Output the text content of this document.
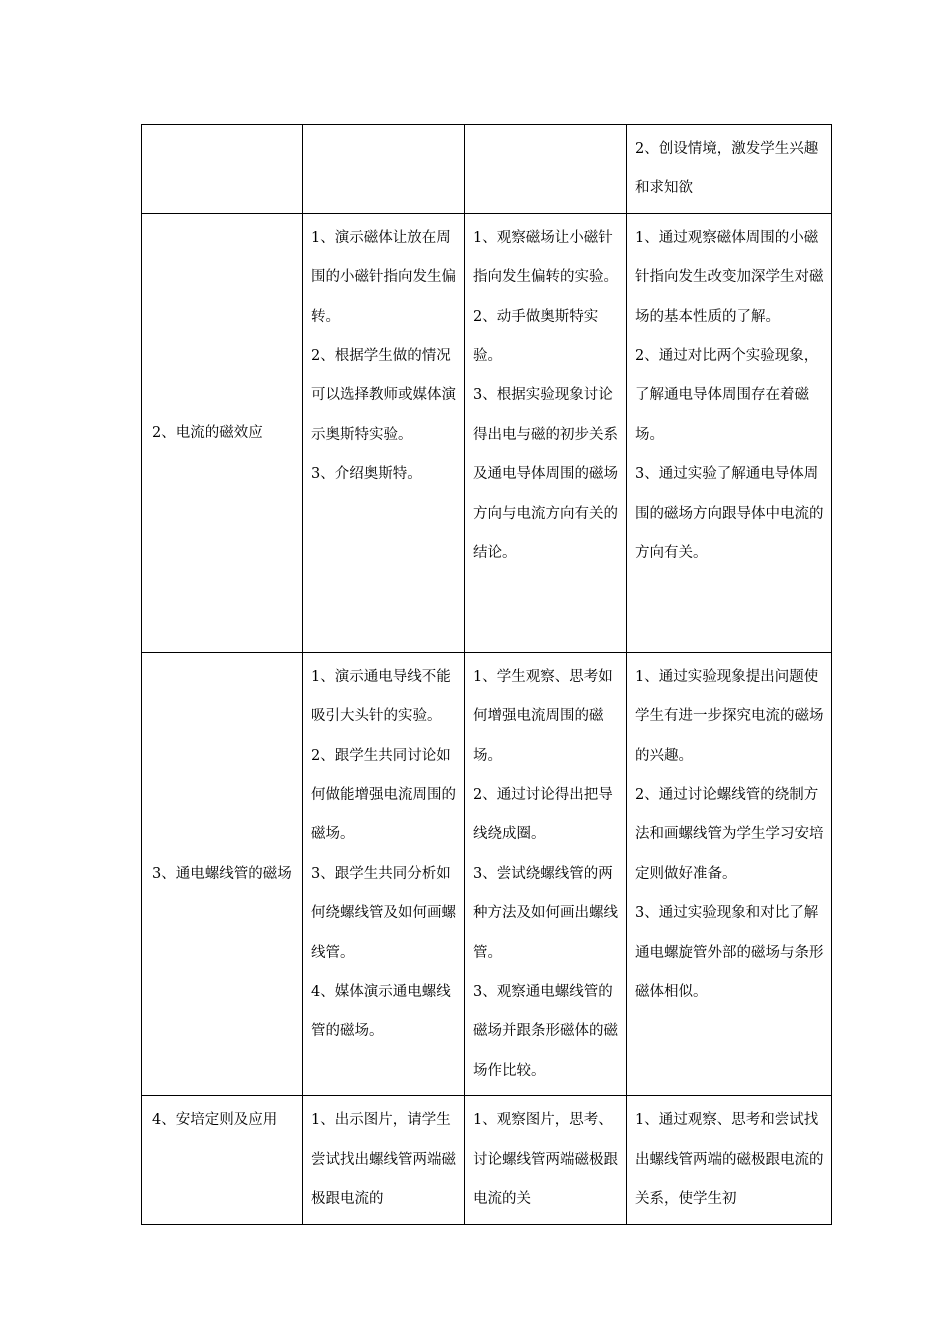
			2、创设情境，激发学生兴趣和求知欲

2、电流的磁效应	1、演示磁体让放在周围的小磁针指向发生偏转。
2、根据学生做的情况可以选择教师或媒体演示奥斯特实验。
3、介绍奥斯特。	1、观察磁场让小磁针指向发生偏转的实验。
2、动手做奥斯特实验。
3、根据实验现象讨论得出电与磁的初步关系及通电导体周围的磁场方向与电流方向有关的结论。	1、通过观察磁体周围的小磁针指向发生改变加深学生对磁场的基本性质的了解。
2、通过对比两个实验现象，了解通电导体周围存在着磁场。
3、通过实验了解通电导体周围的磁场方向跟导体中电流的方向有关。

3、通电螺线管的磁场	1、演示通电导线不能吸引大头针的实验。
2、跟学生共同讨论如何做能增强电流周围的磁场。
3、跟学生共同分析如何绕螺线管及如何画螺线管。
4、媒体演示通电螺线管的磁场。	1、学生观察、思考如何增强电流周围的磁场。
2、通过讨论得出把导线绕成圈。
3、尝试绕螺线管的两种方法及如何画出螺线管。
3、观察通电螺线管的磁场并跟条形磁体的磁场作比较。	1、通过实验现象提出问题使学生有进一步探究电流的磁场的兴趣。
2、通过讨论螺线管的绕制方法和画螺线管为学生学习安培定则做好准备。
3、通过实验现象和对比了解通电螺旋管外部的磁场与条形磁体相似。

4、安培定则及应用	1、出示图片，请学生尝试找出螺线管两端磁极跟电流的	1、观察图片，思考、讨论螺线管两端磁极跟电流的关	1、通过观察、思考和尝试找出螺线管两端的磁极跟电流的关系，使学生初
